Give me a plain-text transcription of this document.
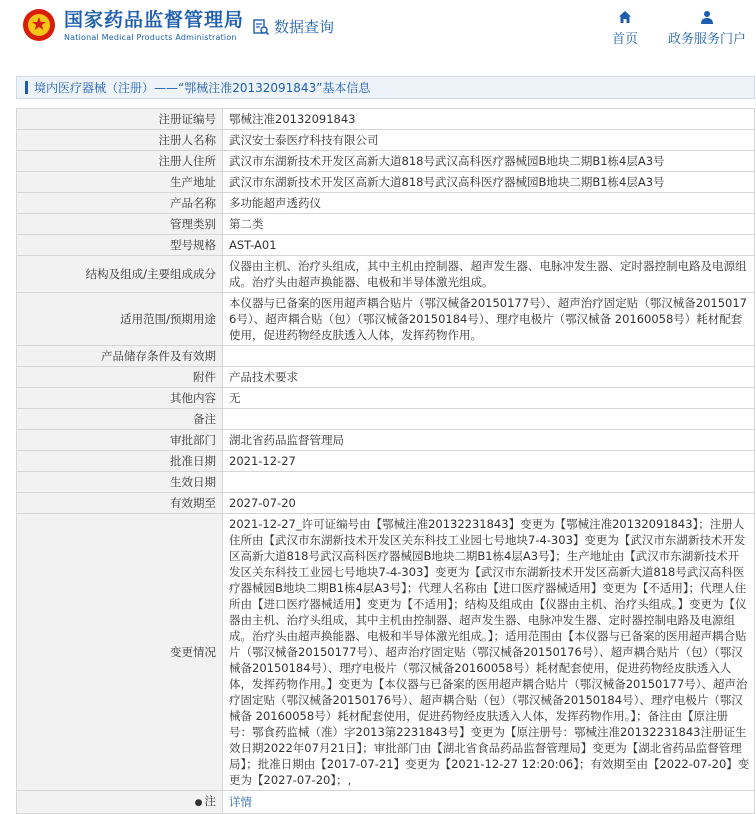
国家药品监督管理局
National Medical Products Administration
数据查询
首页 政务服务门户
境内医疗器械（注册）——“鄂械注准20132091843”基本信息
注册证编号	鄂械注准20132091843
注册人名称	武汉安士泰医疗科技有限公司
注册人住所	武汉市东湖新技术开发区高新大道818号武汉高科医疗器械园B地块二期B1栋4层A3号
生产地址	武汉市东湖新技术开发区高新大道818号武汉高科医疗器械园B地块二期B1栋4层A3号
产品名称	多功能超声透药仪
管理类别	第二类
型号规格	AST-A01
结构及组成/主要组成成分	仪器由主机、治疗头组成，其中主机由控制器、超声发生器、电脉冲发生器、定时器控制电路及电源组成。治疗头由超声换能器、电极和半导体激光组成。
适用范围/预期用途	本仪器与已备案的医用超声耦合贴片（鄂汉械备20150177号）、超声治疗固定贴（鄂汉械备20150176号）、超声耦合贴（包）（鄂汉械备20150184号）、理疗电极片（鄂汉械备 20160058号）耗材配套使用，促进药物经皮肤透入人体，发挥药物作用。
产品储存条件及有效期	
附件	产品技术要求
其他内容	无
备注	
审批部门	湖北省药品监督管理局
批准日期	2021-12-27
生效日期	
有效期至	2027-07-20
变更情况	2021-12-27_许可证编号由【鄂械注准20132231843】变更为【鄂械注准20132091843】；注册人住所由【武汉市东湖新技术开发区关东科技工业园七号地块7-4-303】变更为【武汉市东湖新技术开发区高新大道818号武汉高科医疗器械园B地块二期B1栋4层A3号】；生产地址由【武汉市东湖新技术开发区关东科技工业园七号地块7-4-303】变更为【武汉市东湖新技术开发区高新大道818号武汉高科医疗器械园B地块二期B1栋4层A3号】；代理人名称由【进口医疗器械适用】变更为【不适用】；代理人住所由【进口医疗器械适用】变更为【不适用】；结构及组成由【仪器由主机、治疗头组成。】变更为【仪器由主机、治疗头组成，其中主机由控制器、超声发生器、电脉冲发生器、定时器控制电路及电源组成。治疗头由超声换能器、电极和半导体激光组成。】；适用范围由【本仪器与已备案的医用超声耦合贴片（鄂汉械备20150177号）、超声治疗固定贴（鄂汉械备20150176号）、超声耦合贴片（包）（鄂汉械备20150184号）、理疗电极片（鄂汉械备20160058号）耗材配套使用，促进药物经皮肤透入人体，发挥药物作用。】变更为【本仪器与已备案的医用超声耦合贴片（鄂汉械备20150177号）、超声治疗固定贴（鄂汉械备20150176号）、超声耦合贴（包）（鄂汉械备20150184号）、理疗电极片（鄂汉械备 20160058号）耗材配套使用，促进药物经皮肤透入人体，发挥药物作用。】；备注由【原注册号：鄂食药监械（准）字2013第2231843号】变更为【原注册号：鄂械注准20132231843注册证生效日期2022年07月21日】；审批部门由【湖北省食品药品监督管理局】变更为【湖北省药品监督管理局】；批准日期由【2017-07-21】变更为【2021-12-27 12:20:06】；有效期至由【2022-07-20】变更为【2027-07-20】；,
● 注	详情
